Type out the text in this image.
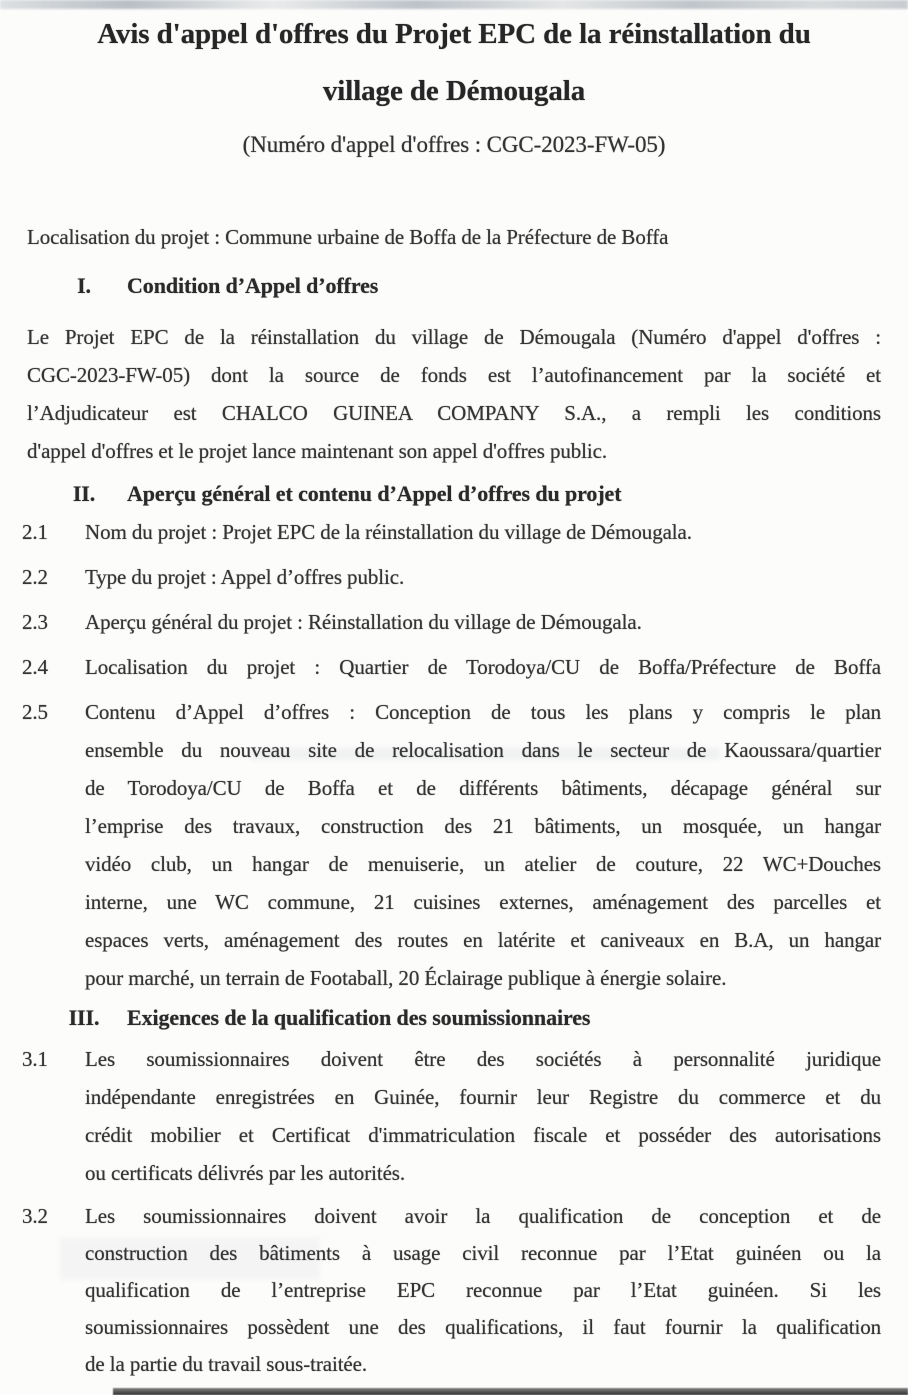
Avis d'appel d'offres du Projet EPC de la réinstallation du
village de Démougala
(Numéro d'appel d'offres : CGC-2023-FW-05)
Localisation du projet : Commune urbaine de Boffa de la Préfecture de Boffa
I.	Condition d’Appel d’offres
Le Projet EPC de la réinstallation du village de Démougala (Numéro d'appel d'offres :
CGC-2023-FW-05) dont la source de fonds est l’autofinancement par la société et
l’Adjudicateur est CHALCO GUINEA COMPANY S.A., a rempli les conditions
d'appel d'offres et le projet lance maintenant son appel d'offres public.
II.	Aperçu général et contenu d’Appel d’offres du projet
2.1 Nom du projet : Projet EPC de la réinstallation du village de Démougala.
2.2 Type du projet : Appel d’offres public.
2.3 Aperçu général du projet : Réinstallation du village de Démougala.
2.4 Localisation du projet : Quartier de Torodoya/CU de Boffa/Préfecture de Boffa
2.5 Contenu d’Appel d’offres : Conception de tous les plans y compris le plan
ensemble du nouveau site de relocalisation dans le secteur de Kaoussara/quartier
de Torodoya/CU de Boffa et de différents bâtiments, décapage général sur
l’emprise des travaux, construction des 21 bâtiments, un mosquée, un hangar
vidéo club, un hangar de menuiserie, un atelier de couture, 22 WC+Douches
interne, une WC commune, 21 cuisines externes, aménagement des parcelles et
espaces verts, aménagement des routes en latérite et caniveaux en B.A, un hangar
pour marché, un terrain de Footaball, 20 Éclairage publique à énergie solaire.
III.	Exigences de la qualification des soumissionnaires
3.1 Les soumissionnaires doivent être des sociétés à personnalité juridique
indépendante enregistrées en Guinée, fournir leur Registre du commerce et du
crédit mobilier et Certificat d'immatriculation fiscale et posséder des autorisations
ou certificats délivrés par les autorités.
3.2 Les soumissionnaires doivent avoir la qualification de conception et de
construction des bâtiments à usage civil reconnue par l’Etat guinéen ou la
qualification de l’entreprise EPC reconnue par l’Etat guinéen. Si les
soumissionnaires possèdent une des qualifications, il faut fournir la qualification
de la partie du travail sous-traitée.
